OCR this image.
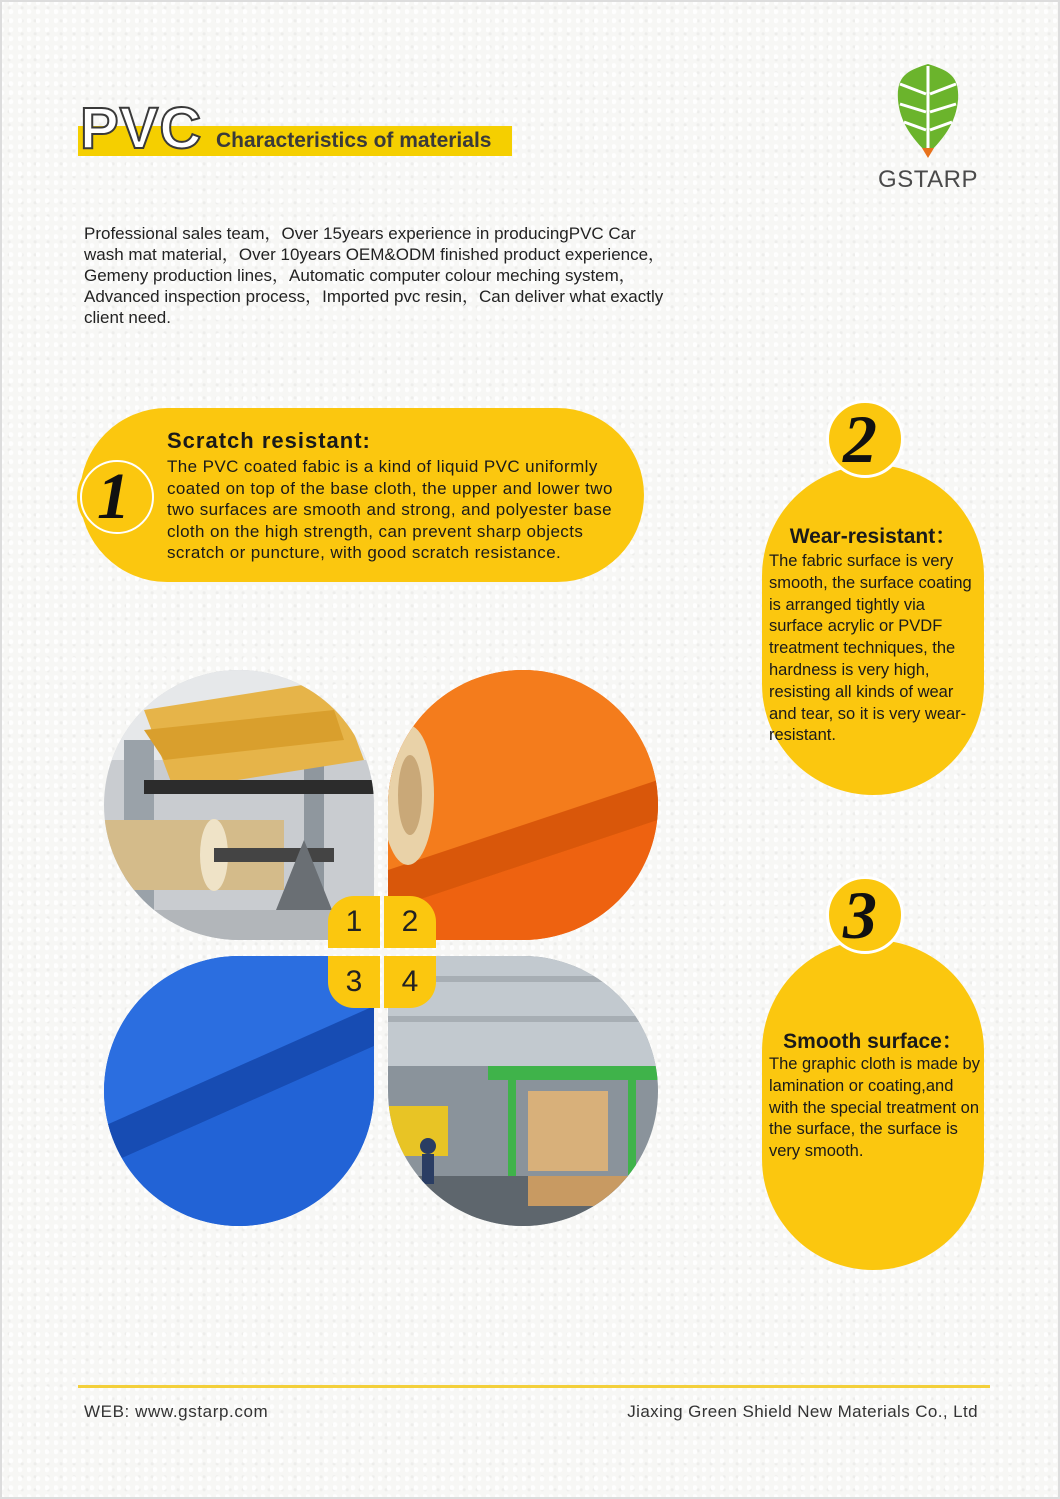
PVC Characteristics of materials
GSTARP

Professional sales team，Over 15years experience in producingPVC Car wash mat material，Over 10years OEM&ODM finished product experience，Gemeny production lines，Automatic computer colour meching system，Advanced inspection process，Imported pvc resin，Can deliver what exactly client need.

Scratch resistant:
The PVC coated fabic is a kind of liquid PVC uniformly coated on top of the base cloth, the upper and lower two two surfaces are smooth and strong, and polyester base cloth on the high strength, can prevent sharp objects scratch or puncture, with good scratch resistance.
1
Wear-resistant：
The fabric surface is very smooth, the surface coating is arranged tightly via surface acrylic or PVDF treatment techniques, the hardness is very high, resisting all kinds of wear and tear, so it is very wear-resistant.
2
Smooth surface：
The graphic cloth is made by lamination or coating,and with the special treatment on the surface, the surface is very smooth.
3
1	2
3	4
WEB: www.gstarp.com	Jiaxing Green Shield New Materials Co., Ltd
